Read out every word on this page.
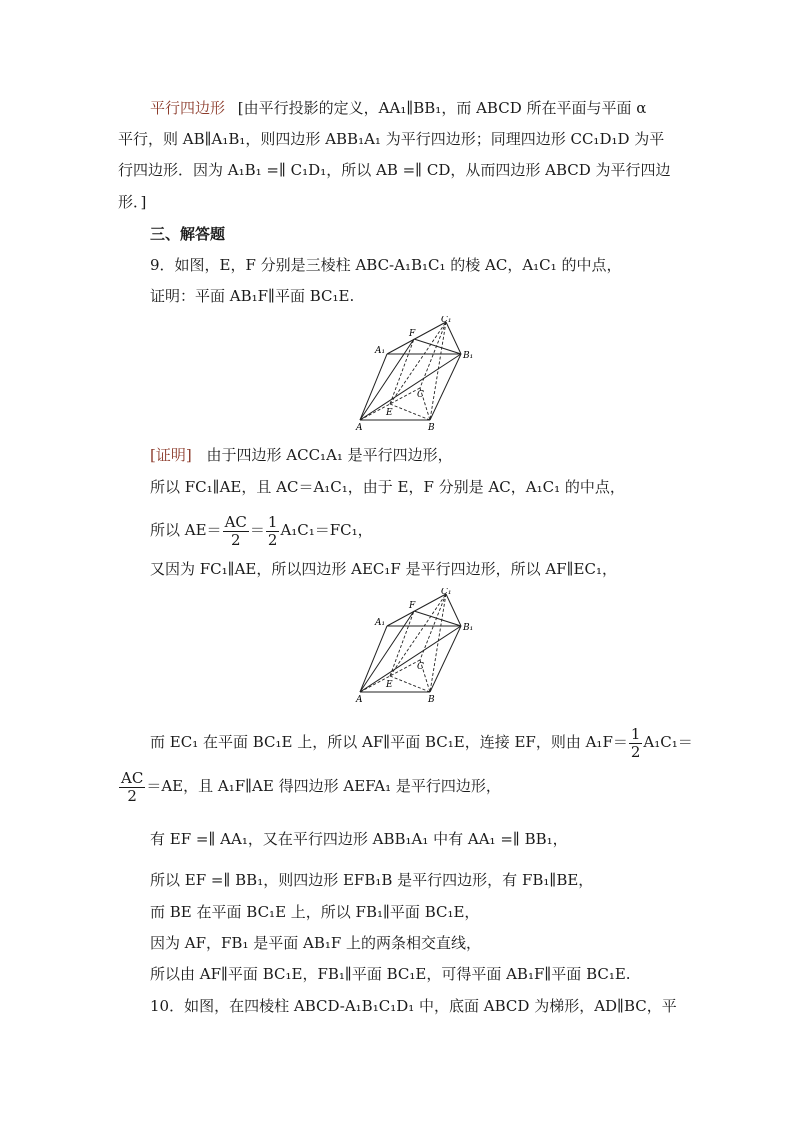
平行四边形 [由平行投影的定义，AA₁∥BB₁，而 ABCD 所在平面与平面 α
平行，则 AB∥A₁B₁，则四边形 ABB₁A₁ 为平行四边形；同理四边形 CC₁D₁D 为平
行四边形．因为 A₁B₁ =∥ C₁D₁，所以 AB =∥ CD，从而四边形 ABCD 为平行四边
形．]
三、解答题
9．如图，E，F 分别是三棱柱 ABC-A₁B₁C₁ 的棱 AC，A₁C₁ 的中点，
证明：平面 AB₁F∥平面 BC₁E.
A	B
C
E
F
A₁	B₁
C₁
[证明] 由于四边形 ACC₁A₁ 是平行四边形，
所以 FC₁∥AE，且 AC＝A₁C₁，由于 E，F 分别是 AC，A₁C₁ 的中点，
所以 $AE= \frac{AC}{2} = \frac{1}{2} A_1C_1=FC_1$，
又因为 FC₁∥AE，所以四边形 AEC₁F 是平行四边形，所以 AF∥EC₁，
A	B
C
E
F
A₁	B₁
C₁
而 EC₁ 在平面 BC₁E 上，所以 AF∥平面 BC₁E，连接 EF，则由 $A_1F= \frac{1}{2} A_1C_1=$
$\frac{AC}{2} =AE$，且 A₁F∥AE 得四边形 AEFA₁ 是平行四边形，
有 EF =∥ AA₁，又在平行四边形 ABB₁A₁ 中有 AA₁ =∥ BB₁，
所以 EF =∥ BB₁，则四边形 EFB₁B 是平行四边形，有 FB₁∥BE，
而 BE 在平面 BC₁E 上，所以 FB₁∥平面 BC₁E，
因为 AF，FB₁ 是平面 AB₁F 上的两条相交直线，
所以由 AF∥平面 BC₁E，FB₁∥平面 BC₁E，可得平面 AB₁F∥平面 BC₁E.
10．如图，在四棱柱 ABCD-A₁B₁C₁D₁ 中，底面 ABCD 为梯形，AD∥BC，平
